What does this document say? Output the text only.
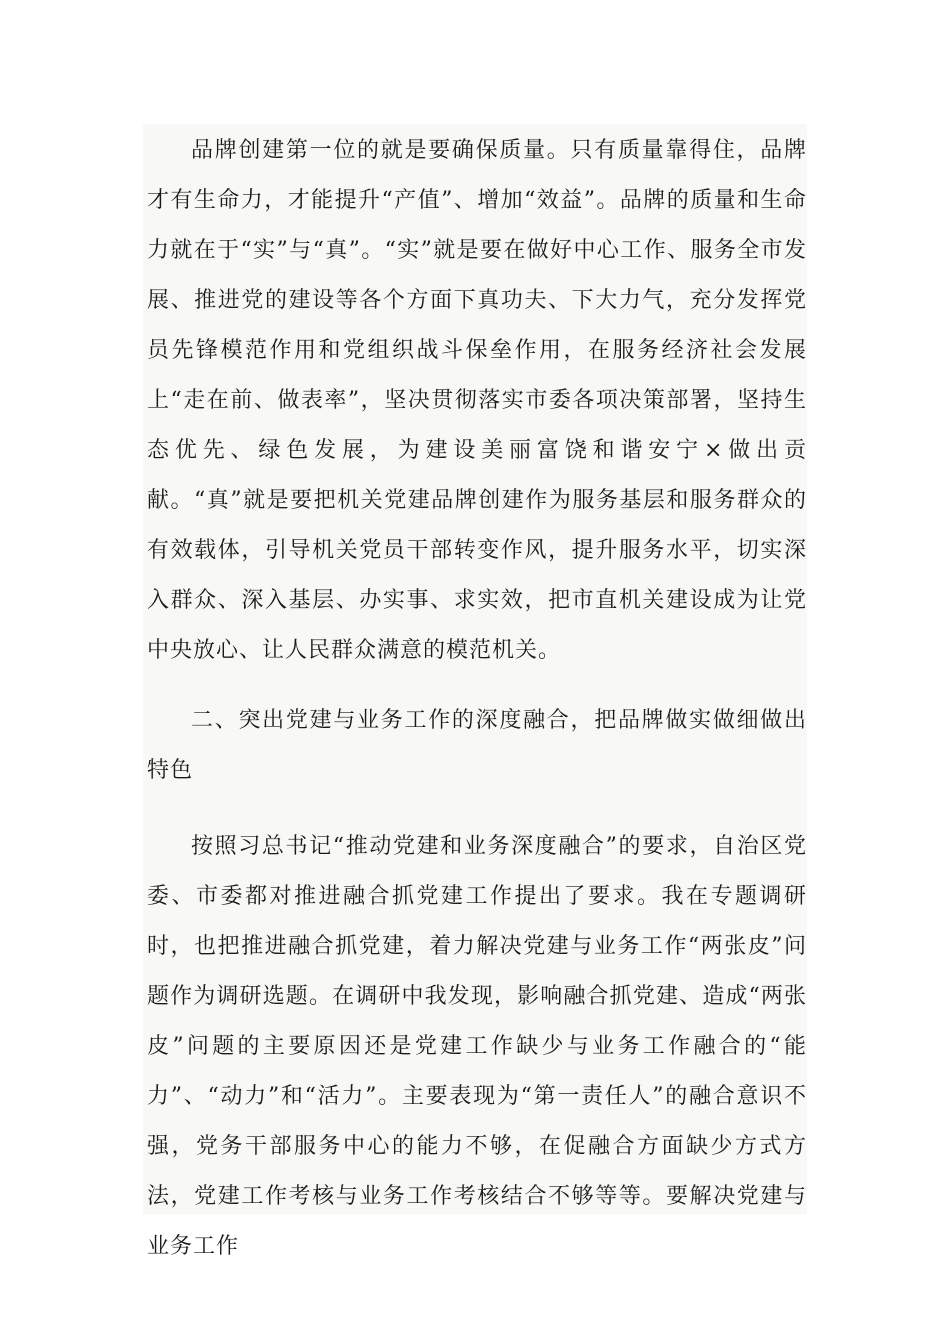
品牌创建第一位的就是要确保质量。只有质量靠得住，品牌才有生命力，才能提升“产值”、增加“效益”。品牌的质量和生命力就在于“实”与“真”。“实”就是要在做好中心工作、服务全市发展、推进党的建设等各个方面下真功夫、下大力气，充分发挥党员先锋模范作用和党组织战斗保垒作用，在服务经济社会发展上“走在前、做表率”，坚决贯彻落实市委各项决策部署，坚持生态优先、绿色发展，为建设美丽富饶和谐安宁×做出贡献。“真”就是要把机关党建品牌创建作为服务基层和服务群众的有效载体，引导机关党员干部转变作风，提升服务水平，切实深入群众、深入基层、办实事、求实效，把市直机关建设成为让党中央放心、让人民群众满意的模范机关。

二、突出党建与业务工作的深度融合，把品牌做实做细做出特色

按照习总书记“推动党建和业务深度融合”的要求，自治区党委、市委都对推进融合抓党建工作提出了要求。我在专题调研时，也把推进融合抓党建，着力解决党建与业务工作“两张皮”问题作为调研选题。在调研中我发现，影响融合抓党建、造成“两张皮”问题的主要原因还是党建工作缺少与业务工作融合的“能力”、“动力”和“活力”。主要表现为“第一责任人”的融合意识不强，党务干部服务中心的能力不够，在促融合方面缺少方式方法，党建工作考核与业务工作考核结合不够等等。要解决党建与业务工作
